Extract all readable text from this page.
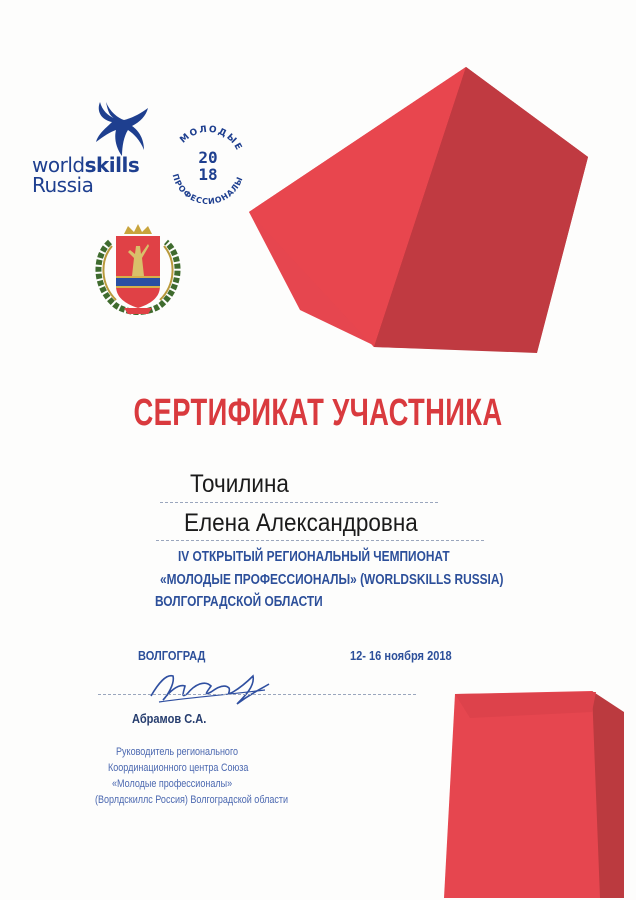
worldskills
Russia
МОЛОДЫЕ
ПРОФЕССИОНАЛЫ
20
18
СЕРТИФИКАТ УЧАСТНИКА
Точилина
Елена Александровна
IV ОТКРЫТЫЙ РЕГИОНАЛЬНЫЙ ЧЕМПИОНАТ
«МОЛОДЫЕ ПРОФЕССИОНАЛЫ» (WORLDSKILLS RUSSIA)
ВОЛГОГРАДСКОЙ ОБЛАСТИ
ВОЛГОГРАД	12- 16 ноября 2018
Абрамов С.А.
Руководитель регионального
Координационного центра Союза
«Молодые профессионалы»
(Ворлдскиллс Россия) Волгоградской области
